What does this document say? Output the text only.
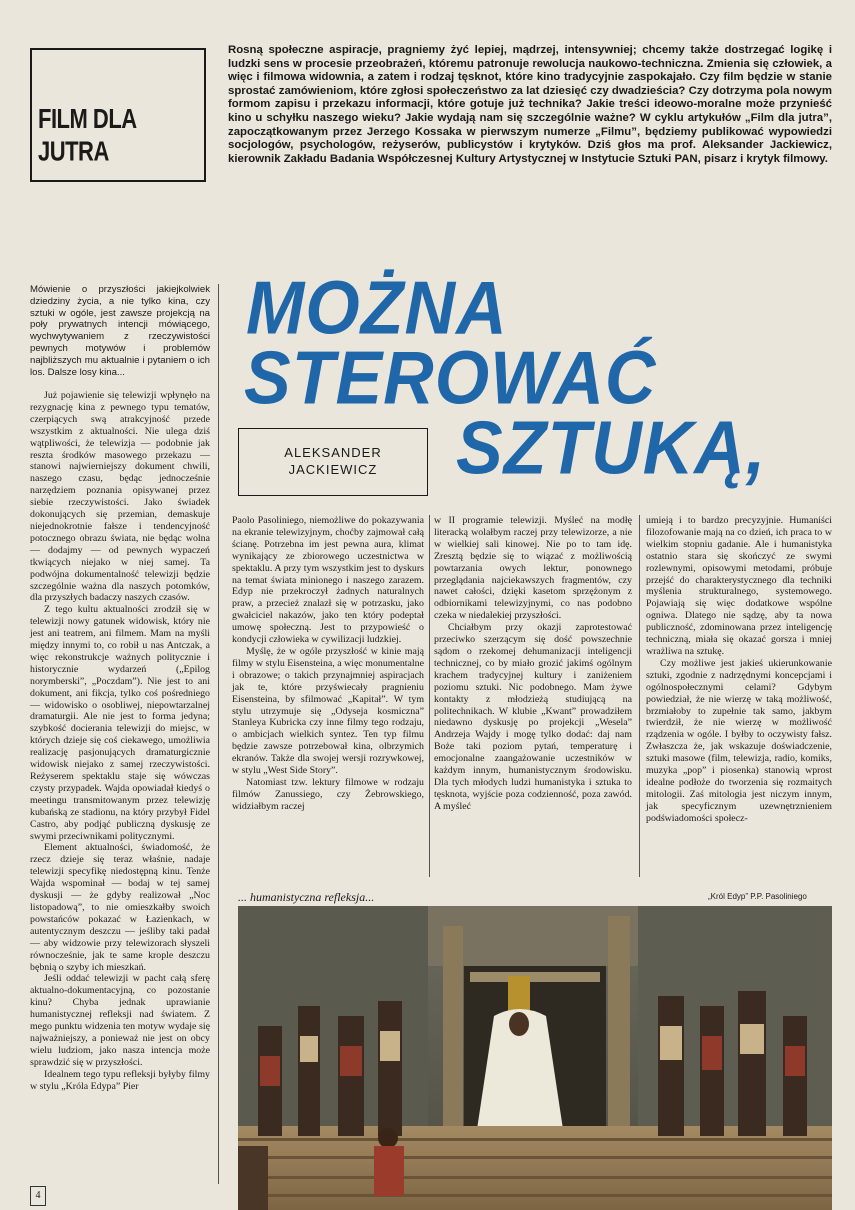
FILM DLA JUTRA
Rosną społeczne aspiracje, pragniemy żyć lepiej, mądrzej, intensywniej; chcemy także dostrzegać logikę i ludzki sens w procesie przeobrażeń, któremu patronuje rewolucja naukowo-techniczna. Zmienia się człowiek, a więc i filmowa widownia, a zatem i rodzaj tęsknot, które kino tradycyjnie zaspokajało. Czy film będzie w stanie sprostać zamówieniom, które zgłosi społeczeństwo za lat dziesięć czy dwadzieścia? Czy dotrzyma pola nowym formom zapisu i przekazu informacji, które gotuje już technika? Jakie treści ideowo-moralne może przynieść kino u schyłku naszego wieku? Jakie wydają nam się szczególnie ważne? W cyklu artykułów „Film dla jutra”, zapoczątkowanym przez Jerzego Kossaka w pierwszym numerze „Filmu”, będziemy publikować wypowiedzi socjologów, psychologów, reżyserów, publicystów i krytyków. Dziś głos ma prof. Aleksander Jackiewicz, kierownik Zakładu Badania Współczesnej Kultury Artystycznej w Instytucie Sztuki PAN, pisarz i krytyk filmowy.
Mówienie o przyszłości jakiejkolwiek dziedziny życia, a nie tylko kina, czy sztuki w ogóle, jest zawsze projekcją na poły prywatnych intencji mówiącego, wychwytywaniem z rzeczywistości pewnych motywów i problemów najbliższych mu aktualnie i pytaniem o ich los. Dalsze losy kina...

Już pojawienie się telewizji wpłynęło na rezygnację kina z pewnego typu tematów, czerpiących swą atrakcyjność przede wszystkim z aktualności. Nie ulega dziś wątpliwości, że telewizja — podobnie jak reszta środków masowego przekazu — stanowi najwierniejszy dokument chwili, naszego czasu, będąc jednocześnie narzędziem poznania opisywanej przez siebie rzeczywistości. Jako świadek dokonujących się przemian, demaskuje niejednokrotnie fałsze i tendencyjność potocznego obrazu świata, nie będąc wolna — dodajmy — od pewnych wypaczeń tkwiących niejako w niej samej. Ta podwójna dokumentalność telewizji będzie szczególnie ważna dla naszych potomków, dla przyszłych badaczy naszych czasów.

Z tego kultu aktualności zrodził się w telewizji nowy gatunek widowisk, który nie jest ani teatrem, ani filmem. Mam na myśli między innymi to, co robił u nas Antczak, a więc rekonstrukcje ważnych politycznie i historycznie wydarzeń („Epilog norymberski”, „Poczdam”). Nie jest to ani dokument, ani fikcja, tylko coś pośredniego — widowisko o osobliwej, niepowtarzalnej dramaturgii. Ale nie jest to forma jedyna; szybkość docierania telewizji do miejsc, w których dzieje się coś ciekawego, umożliwia realizację pasjonujących dramaturgicznie widowisk niejako z samej rzeczywistości. Reżyserem spektaklu staje się wówczas czysty przypadek. Wajda opowiadał kiedyś o meetingu transmitowanym przez telewizję kubańską ze stadionu, na który przybył Fidel Castro, aby podjąć publiczną dyskusję ze swymi przeciwnikami politycznymi.

Element aktualności, świadomość, że rzecz dzieje się teraz właśnie, nadaje telewizji specyfikę niedostępną kinu. Tenże Wajda wspominał — bodaj w tej samej dyskusji — że gdyby realizował „Noc listopadową”, to nie omieszkałby swoich powstańców pokazać w Łazienkach, w autentycznym deszczu — jeśliby taki padał — aby widzowie przy telewizorach słyszeli równocześnie, jak te same krople deszczu bębnią o szyby ich mieszkań.

Jeśli oddać telewizji w pacht całą sferę aktualno-dokumentacyjną, co pozostanie kinu? Chyba jednak uprawianie humanistycznej refleksji nad światem. Z mego punktu widzenia ten motyw wydaje się najważniejszy, a ponieważ nie jest on obcy wielu ludziom, jako nasza intencja może sprawdzić się w przyszłości.

Idealnem tego typu refleksji byłyby filmy w stylu „Króla Edypa” Pier

MOŻNA
STEROWAĆ
SZTUKĄ,
ALEKSANDER
JACKIEWICZ

Paolo Pasoliniego, niemożliwe do pokazywania na ekranie telewizyjnym, choćby zajmował całą ścianę. Potrzebna im jest pewna aura, klimat wynikający ze zbiorowego uczestnictwa w spektaklu. A przy tym wszystkim jest to dyskurs na temat świata minionego i naszego zarazem. Edyp nie przekroczył żadnych naturalnych praw, a przecież znalazł się w potrzasku, jako gwałciciel nakazów, jako ten który podeptał umowę społeczną. Jest to przypowieść o kondycji człowieka w cywilizacji ludzkiej.

Myślę, że w ogóle przyszłość w kinie mają filmy w stylu Eisensteina, a więc monumentalne i obrazowe; o takich przynajmniej aspiracjach jak te, które przyświecały pragnieniu Eisensteina, by sfilmować „Kapitał”. W tym stylu utrzymuje się „Odyseja kosmiczna” Stanleya Kubricka czy inne filmy tego rodzaju, o ambicjach wielkich syntez. Ten typ filmu będzie zawsze potrzebował kina, olbrzymich ekranów. Także dla swojej wersji rozrywkowej, w stylu „West Side Story”.

Natomiast tzw. lektury filmowe w rodzaju filmów Zanussiego, czy Żebrowskiego, widziałbym raczej

w II programie telewizji. Myśleć na modłę literacką wolałbym raczej przy telewizorze, a nie w wielkiej sali kinowej. Nie po to tam idę. Zresztą będzie się to wiązać z możliwością powtarzania owych lektur, ponownego przeglądania najciekawszych fragmentów, czy nawet całości, dzięki kasetom sprzężonym z odbiornikami telewizyjnymi, co nas podobno czeka w niedalekiej przyszłości.

Chciałbym przy okazji zaprotestować przeciwko szerzącym się dość powszechnie sądom o rzekomej dehumanizacji inteligencji technicznej, co by miało grozić jakimś ogólnym krachem tradycyjnej kultury i zaniżeniem poziomu sztuki. Nic podobnego. Mam żywe kontakty z młodzieżą studiującą na politechnikach. W klubie „Kwant” prowadziłem niedawno dyskusję po projekcji „Wesela” Andrzeja Wajdy i mogę tylko dodać: daj nam Boże taki poziom pytań, temperaturę i emocjonalne zaangażowanie uczestników w każdym innym, humanistycznym środowisku. Dla tych młodych ludzi humanistyka i sztuka to tęsknota, wyjście poza codzienność, poza zawód. A myśleć

umieją i to bardzo precyzyjnie. Humaniści filozofowanie mają na co dzień, ich praca to w wielkim stopniu gadanie. Ale i humanistyka ostatnio stara się skończyć ze swymi rozlewnymi, opisowymi metodami, próbuje przejść do charakterystycznego dla techniki myślenia strukturalnego, systemowego. Pojawiają się więc dodatkowe wspólne ogniwa. Dlatego nie sądzę, aby ta nowa publiczność, zdominowana przez inteligencję techniczną, miała się okazać gorsza i mniej wrażliwa na sztukę.

Czy możliwe jest jakieś ukierunkowanie sztuki, zgodnie z nadrzędnymi koncepcjami i ogólnospołecznymi celami? Gdybym powiedział, że nie wierzę w taką możliwość, brzmiałoby to zupełnie tak samo, jakbym twierdził, że nie wierzę w możliwość rządzenia w ogóle. I byłby to oczywisty fałsz. Zwłaszcza że, jak wskazuje doświadczenie, sztuki masowe (film, telewizja, radio, komiks, muzyka „pop” i piosenka) stanowią wprost idealne podłoże do tworzenia się rozmaitych mitologii. Zaś mitologia jest niczym innym, jak specyficznym uzewnętrznieniem podświadomości społecz-

... humanistyczna refleksja...	„Król Edyp” P.P. Pasoliniego
4
